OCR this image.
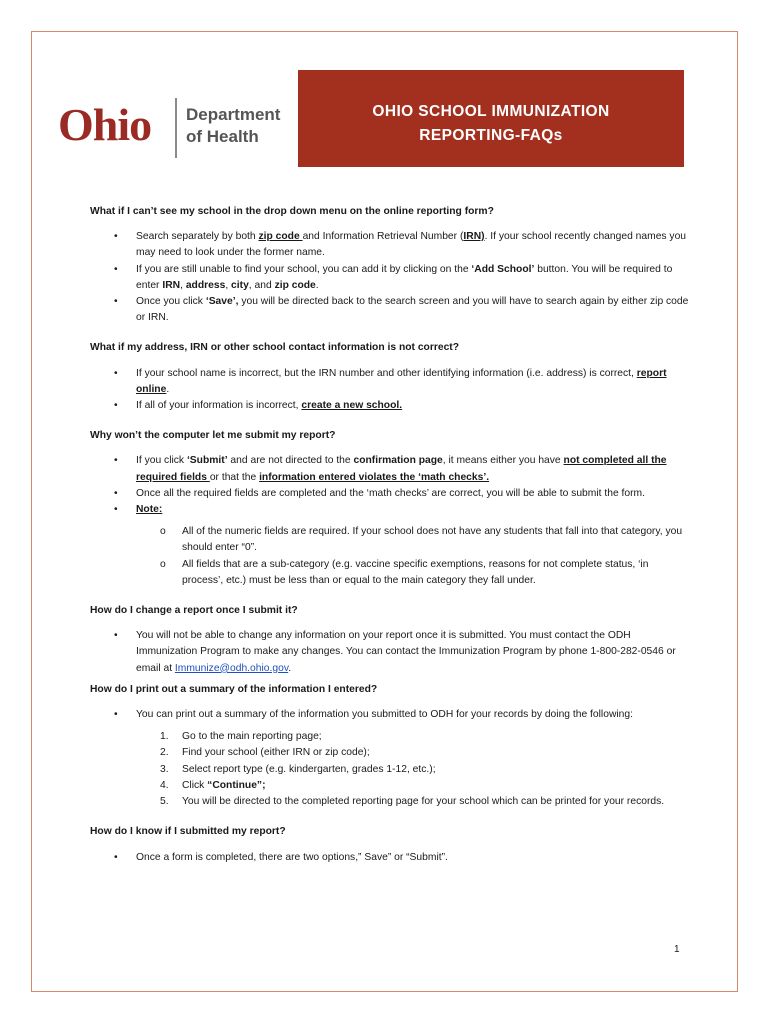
Ohio Department
of Health
OHIO SCHOOL IMMUNIZATION
REPORTING-FAQs
What if I can’t see my school in the drop down menu on the online reporting form?
• Search separately by both zip code and Information Retrieval Number (IRN). If your school recently changed names you may need to look under the former name.
• If you are still unable to find your school, you can add it by clicking on the ‘Add School’ button. You will be required to enter IRN, address, city, and zip code.
• Once you click ‘Save’, you will be directed back to the search screen and you will have to search again by either zip code or IRN.
What if my address, IRN or other school contact information is not correct?
• If your school name is incorrect, but the IRN number and other identifying information (i.e. address) is correct, report online.
• If all of your information is incorrect, create a new school.
Why won’t the computer let me submit my report?
• If you click ‘Submit’ and are not directed to the confirmation page, it means either you have not completed all the required fields or that the information entered violates the ‘math checks’.
• Once all the required fields are completed and the ‘math checks’ are correct, you will be able to submit the form.
• Note:
o All of the numeric fields are required. If your school does not have any students that fall into that category, you should enter “0”.
o All fields that are a sub-category (e.g. vaccine specific exemptions, reasons for not complete status, ‘in process’, etc.) must be less than or equal to the main category they fall under.
How do I change a report once I submit it?
• You will not be able to change any information on your report once it is submitted. You must contact the ODH Immunization Program to make any changes. You can contact the Immunization Program by phone 1-800-282-0546 or email at Immunize@odh.ohio.gov.
How do I print out a summary of the information I entered?
• You can print out a summary of the information you submitted to ODH for your records by doing the following:
1. Go to the main reporting page;
2. Find your school (either IRN or zip code);
3. Select report type (e.g. kindergarten, grades 1-12, etc.);
4. Click “Continue”;
5. You will be directed to the completed reporting page for your school which can be printed for your records.
How do I know if I submitted my report?
• Once a form is completed, there are two options,” Save” or “Submit”.
1
